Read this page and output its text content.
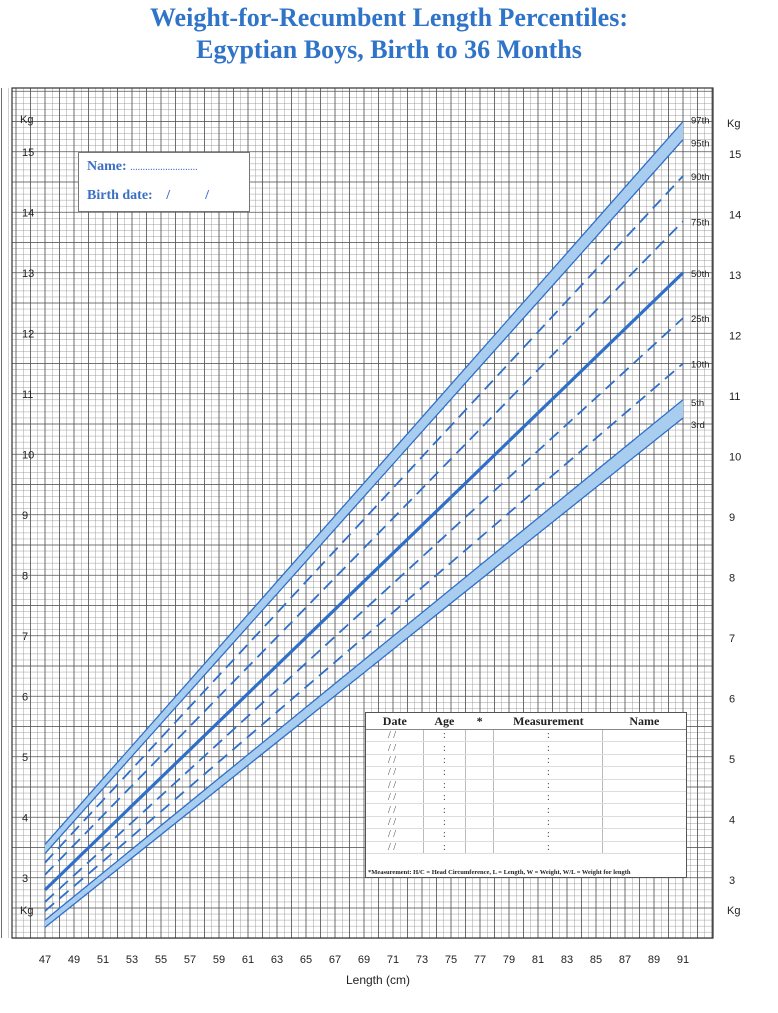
Weight-for-Recumbent Length Percentiles:
Egyptian Boys, Birth to 36 Months
47 49 51 53 55 57 59 61 63 65 67 69 71 73 75 77 79 81 83 85 87 89 91
3	3
4	4
5	5
6	6
7	7
8	8
9	9
10	10
11	11
12	12
13	13
14	14
15	15
97th
95th
90th
75th
50th
25th
10th
5th
3rd
Length (cm)
Kg
Kg
Kg
Kg
Name: ...........................
Birth date: /          /
Date	Age	*	Measurement	Name
/ /	:		:	
/ /	:		:	
/ /	:		:	
/ /	:		:	
/ /	:		:	
/ /	:		:	
/ /	:		:	
/ /	:		:	
/ /	:		:	
/ /	:		:	
*Measurement: H/C = Head Circumference, L = Length, W = Weight, W/L = Weight for length
